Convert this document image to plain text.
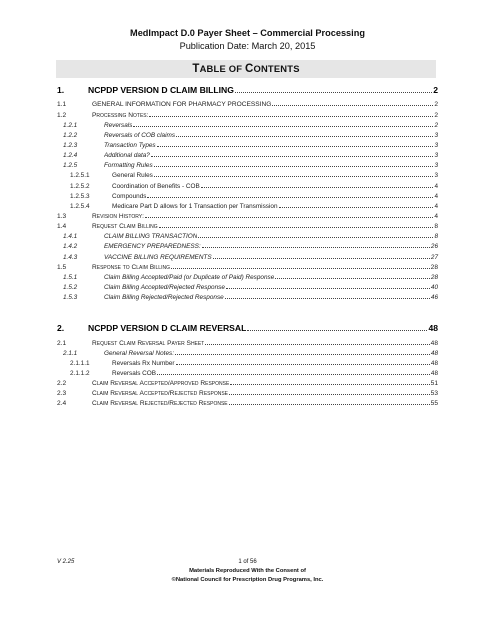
MedImpact D.0 Payer Sheet – Commercial Processing
Publication Date: March 20, 2015
TABLE OF CONTENTS
1.	NCPDP VERSION D CLAIM BILLING	2
1.1	GENERAL INFORMATION FOR PHARMACY PROCESSING	2
1.2	Processing Notes:	2
1.2.1	Reversals	2
1.2.2	Reversals of COB claims	3
1.2.3	Transaction Types	3
1.2.4	Additional data?	3
1.2.5	Formatting Rules	3
1.2.5.1	General Rules	3
1.2.5.2	Coordination of Benefits - COB	4
1.2.5.3	Compounds	4
1.2.5.4	Medicare Part D allows for 1 Transaction per Transmission	4
1.3	Revision History:	4
1.4	Request Claim Billing	8
1.4.1	CLAIM BILLING TRANSACTION	8
1.4.2	EMERGENCY PREPAREDNESS:	26
1.4.3	VACCINE BILLING REQUIREMENTS	27
1.5	Response to Claim Billing	28
1.5.1	Claim Billing Accepted/Paid (or Duplicate of Paid) Response	28
1.5.2	Claim Billing Accepted/Rejected Response	40
1.5.3	Claim Billing Rejected/Rejected Response	46
2.	NCPDP VERSION D CLAIM REVERSAL	48
2.1	Request Claim Reversal Payer Sheet	48
2.1.1	General Reversal Notes:	48
2.1.1.1	Reversals Rx Number	48
2.1.1.2	Reversals COB	48
2.2	Claim Reversal Accepted/Approved Response	51
2.3	Claim Reversal Accepted/Rejected Response	53
2.4	Claim Reversal Rejected/Rejected Response	55
V 2.25	1 of 56
Materials Reproduced With the Consent of
©National Council for Prescription Drug Programs, Inc.
